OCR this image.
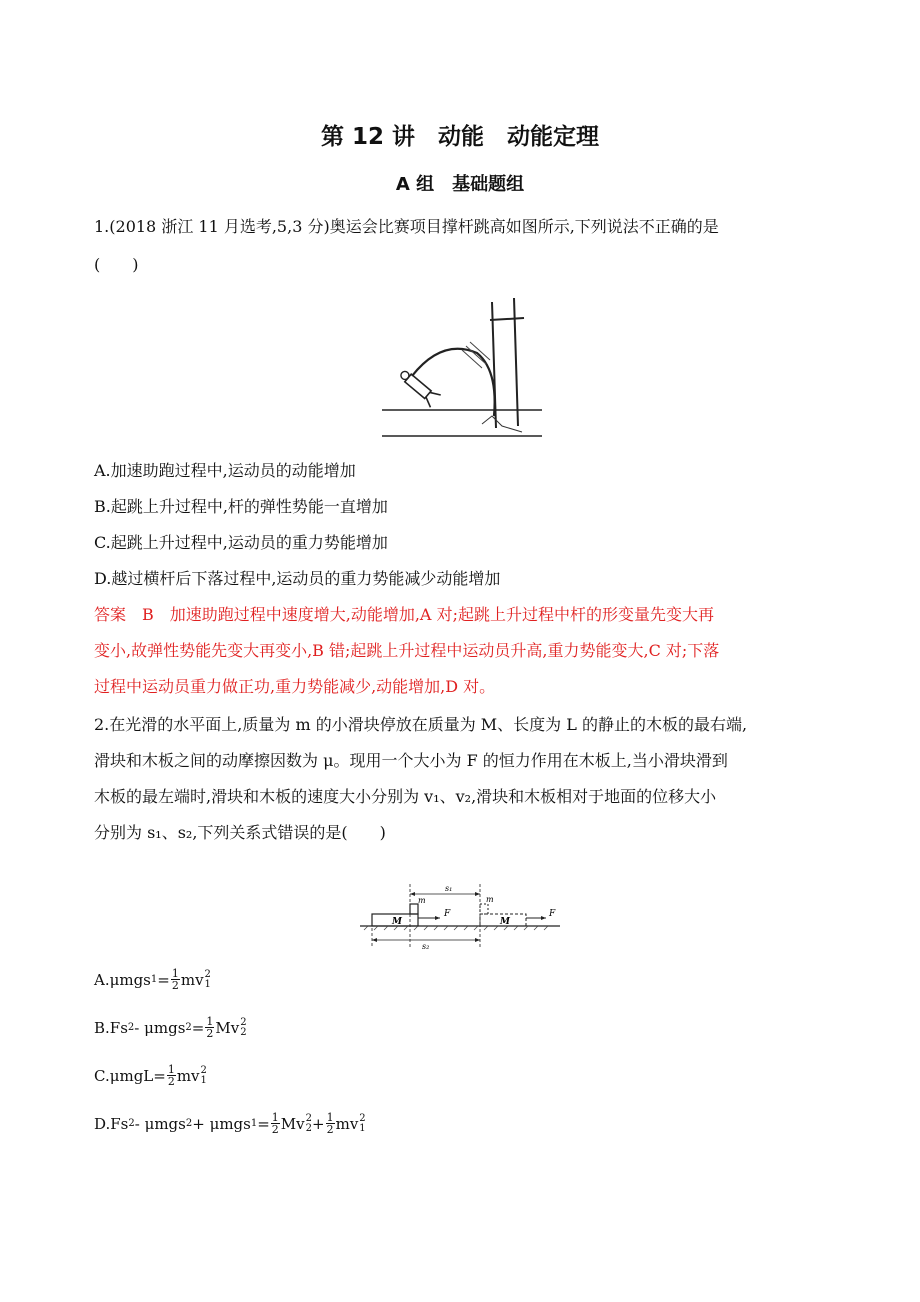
第 12 讲　动能　动能定理
A 组　基础题组
1.(2018 浙江 11 月选考,5,3 分)奥运会比赛项目撑杆跳高如图所示,下列说法不正确的是
(　　)
A.加速助跑过程中,运动员的动能增加
B.起跳上升过程中,杆的弹性势能一直增加
C.起跳上升过程中,运动员的重力势能增加
D.越过横杆后下落过程中,运动员的重力势能减少动能增加
答案　B　加速助跑过程中速度增大,动能增加,A 对;起跳上升过程中杆的形变量先变大再
变小,故弹性势能先变大再变小,B 错;起跳上升过程中运动员升高,重力势能变大,C 对;下落
过程中运动员重力做正功,重力势能减少,动能增加,D 对。
2.在光滑的水平面上,质量为 m 的小滑块停放在质量为 M、长度为 L 的静止的木板的最右端,
滑块和木板之间的动摩擦因数为 μ。现用一个大小为 F 的恒力作用在木板上,当小滑块滑到
木板的最左端时,滑块和木板的速度大小分别为 v₁、v₂,滑块和木板相对于地面的位移大小
分别为 s₁、s₂,下列关系式错误的是(　　)
s₁
m
M
F
m
M
F
s₂
A. μmgs $1 = \frac{1}{2}$ mv 2
1
B. Fs 2 - μmgs $2 = \frac{1}{2}$ Mv 2
2
C. $\mu mgL= \frac{1}{2}$ mv 2
1
D. Fs 2 - μmgs 2 + μmgs $1 = \frac{1}{2}$ Mv 2
$2 + \frac{1}{2}$ mv 2
1
